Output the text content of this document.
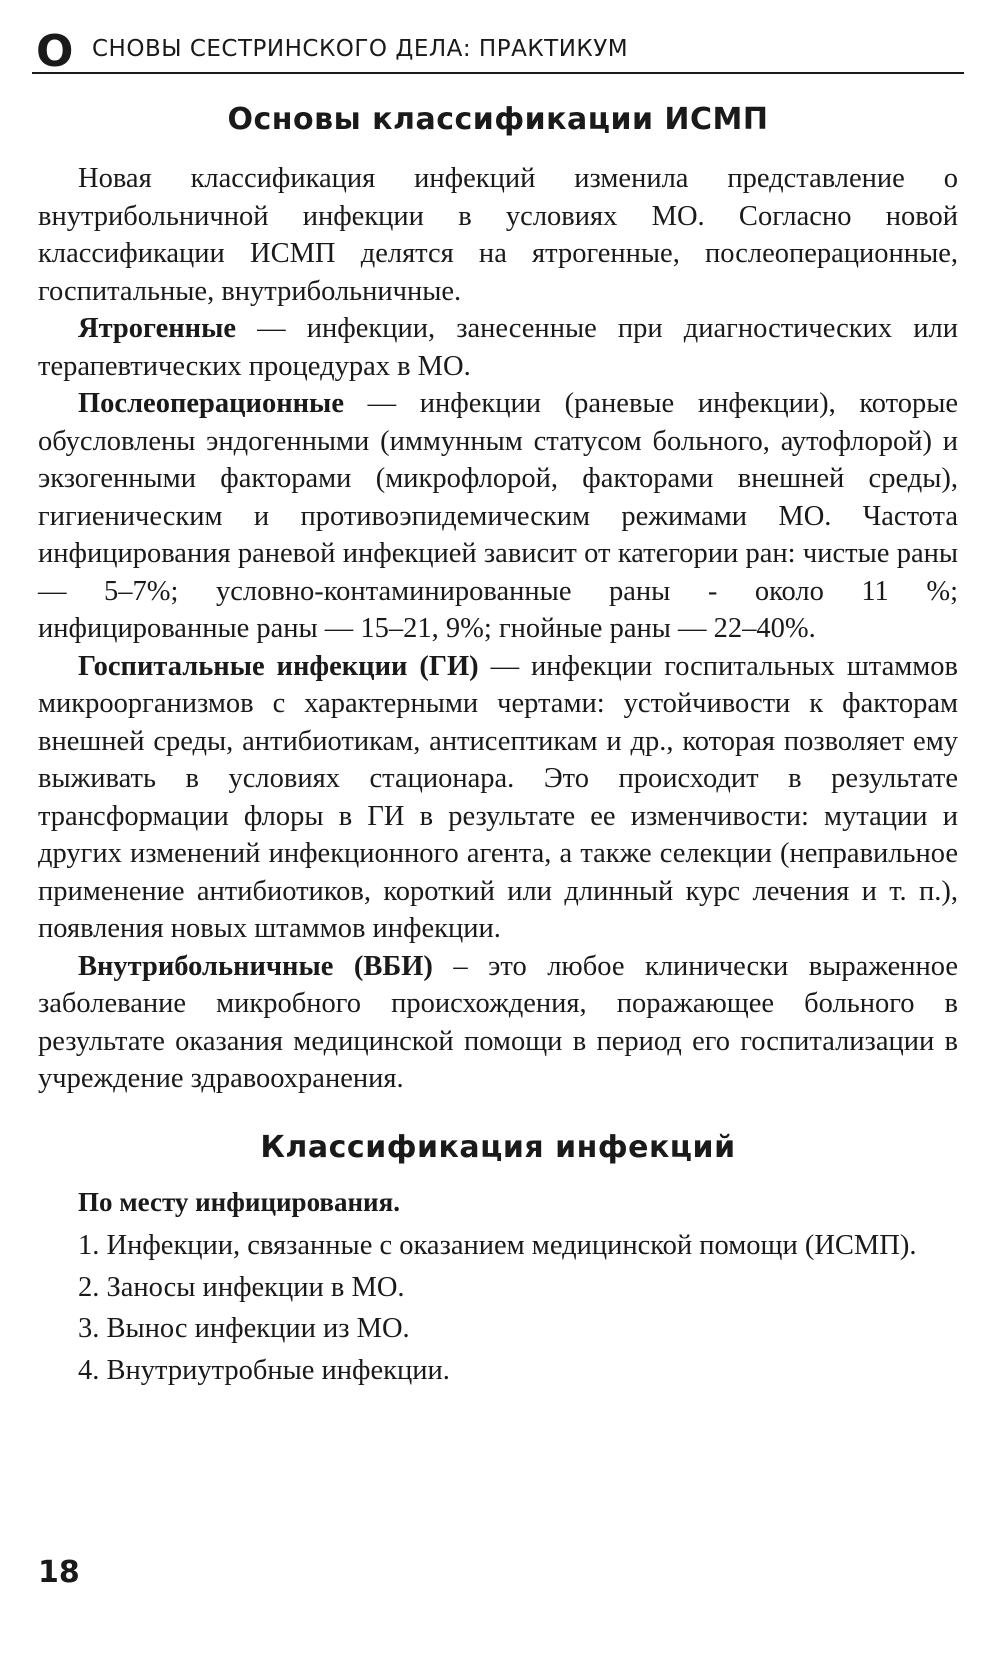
О СНОВЫ СЕСТРИНСКОГО ДЕЛА: ПРАКТИКУМ
Основы классификации ИСМП

Новая классификация инфекций изменила представление о внутрибольничной инфекции в условиях МО. Согласно новой классификации ИСМП делятся на ятрогенные, послеоперационные, госпитальные, внутрибольничные.

Ятрогенные — инфекции, занесенные при диагностических или терапевтических процедурах в МО.

Послеоперационные — инфекции (раневые инфекции), которые обусловлены эндогенными (иммунным статусом больного, аутофлорой) и экзогенными факторами (микрофлорой, факторами внешней среды), гигиеническим и противоэпидемическим режимами МО. Частота инфицирования раневой инфекцией зависит от категории ран: чистые раны — 5–7%; условно-контаминированные раны - около 11 %; инфицированные раны — 15–21, 9%; гнойные раны — 22–40%.

Госпитальные инфекции (ГИ) — инфекции госпитальных штаммов микроорганизмов с характерными чертами: устойчивости к факторам внешней среды, антибиотикам, антисептикам и др., которая позволяет ему выживать в условиях стационара. Это происходит в результате трансформации флоры в ГИ в результате ее изменчивости: мутации и других изменений инфекционного агента, а также селекции (неправильное применение антибиотиков, короткий или длинный курс лечения и т. п.), появления новых штаммов инфекции.

Внутрибольничные (ВБИ) – это любое клинически выраженное заболевание микробного происхождения, поражающее больного в результате оказания медицинской помощи в период его госпитализации в учреждение здравоохранения.

Классификация инфекций
По месту инфицирования.
1. Инфекции, связанные с оказанием медицинской помощи (ИСМП).
2. Заносы инфекции в МО.
3. Вынос инфекции из МО.
4. Внутриутробные инфекции.
18
